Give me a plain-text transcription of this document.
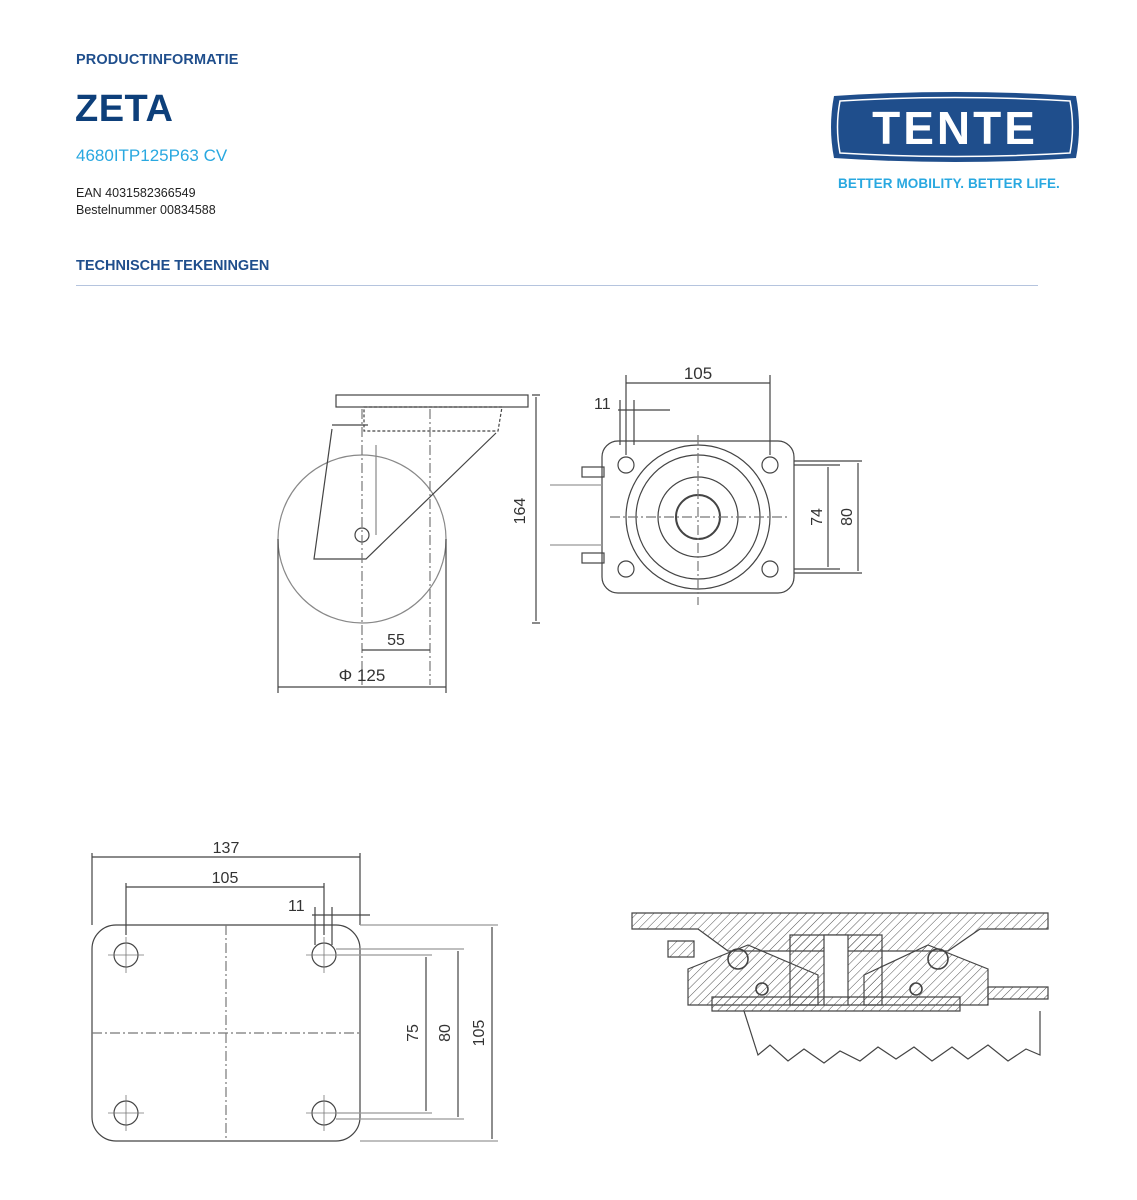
PRODUCTINFORMATIE
ZETA
4680ITP125P63 CV
EAN 4031582366549
Bestelnummer 00834588
TECHNISCHE TEKENINGEN
TENTE
BETTER MOBILITY. BETTER LIFE.
164
55
Φ 125
105
11
74 80
137
105
11
75 80 105
